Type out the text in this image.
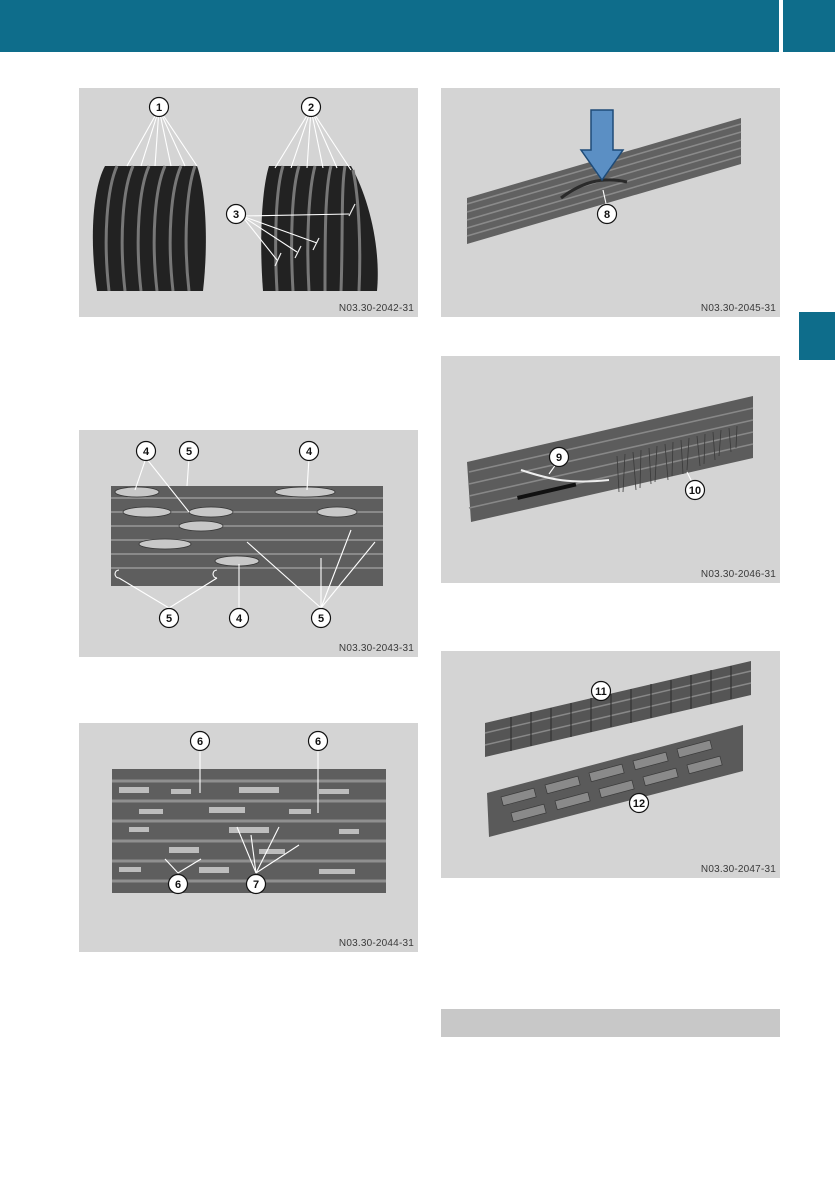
1	2
3
N03.30-2042-31
4	5	4
5	4	5
N03.30-2043-31
6	6
6	7
N03.30-2044-31
8
N03.30-2045-31
9
10
N03.30-2046-31
11
12
N03.30-2047-31
